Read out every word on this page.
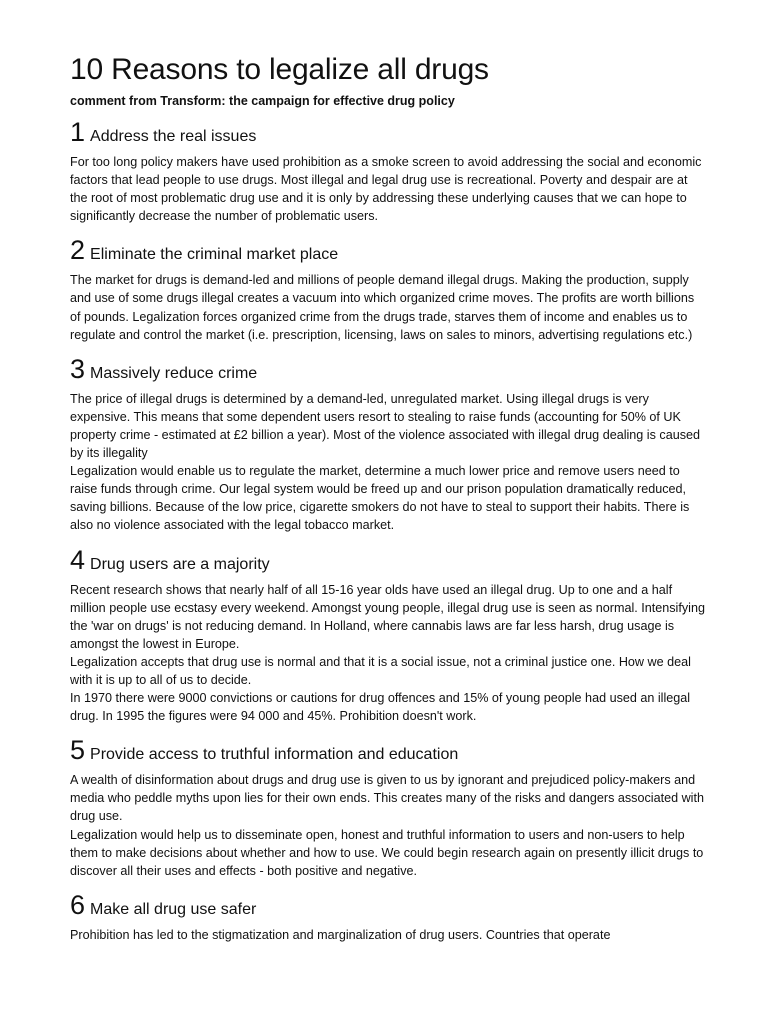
10 Reasons to legalize all drugs

comment from Transform: the campaign for effective drug policy

1 Address the real issues

For too long policy makers have used prohibition as a smoke screen to avoid addressing the social and economic factors that lead people to use drugs. Most illegal and legal drug use is recreational. Poverty and despair are at the root of most problematic drug use and it is only by addressing these underlying causes that we can hope to significantly decrease the number of problematic users.

2 Eliminate the criminal market place

The market for drugs is demand-led and millions of people demand illegal drugs. Making the production, supply and use of some drugs illegal creates a vacuum into which organized crime moves. The profits are worth billions of pounds. Legalization forces organized crime from the drugs trade, starves them of income and enables us to regulate and control the market (i.e. prescription, licensing, laws on sales to minors, advertising regulations etc.)

3 Massively reduce crime

The price of illegal drugs is determined by a demand-led, unregulated market. Using illegal drugs is very expensive. This means that some dependent users resort to stealing to raise funds (accounting for 50% of UK property crime - estimated at £2 billion a year). Most of the violence associated with illegal drug dealing is caused by its illegality

Legalization would enable us to regulate the market, determine a much lower price and remove users need to raise funds through crime. Our legal system would be freed up and our prison population dramatically reduced, saving billions. Because of the low price, cigarette smokers do not have to steal to support their habits. There is also no violence associated with the legal tobacco market.

4 Drug users are a majority

Recent research shows that nearly half of all 15-16 year olds have used an illegal drug. Up to one and a half million people use ecstasy every weekend. Amongst young people, illegal drug use is seen as normal. Intensifying the 'war on drugs' is not reducing demand. In Holland, where cannabis laws are far less harsh, drug usage is amongst the lowest in Europe.

Legalization accepts that drug use is normal and that it is a social issue, not a criminal justice one. How we deal with it is up to all of us to decide.

In 1970 there were 9000 convictions or cautions for drug offences and 15% of young people had used an illegal drug. In 1995 the figures were 94 000 and 45%. Prohibition doesn't work.

5 Provide access to truthful information and education

A wealth of disinformation about drugs and drug use is given to us by ignorant and prejudiced policy-makers and media who peddle myths upon lies for their own ends. This creates many of the risks and dangers associated with drug use.

Legalization would help us to disseminate open, honest and truthful information to users and non-users to help them to make decisions about whether and how to use. We could begin research again on presently illicit drugs to discover all their uses and effects - both positive and negative.

6 Make all drug use safer

Prohibition has led to the stigmatization and marginalization of drug users. Countries that operate
